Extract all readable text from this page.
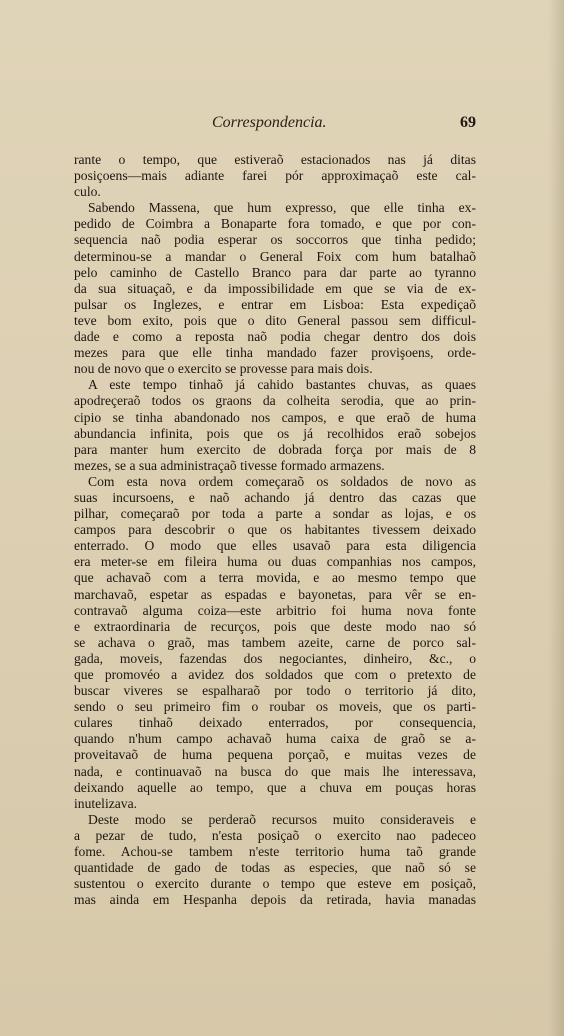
Correspondencia.	69
rante o tempo, que estiveraõ estacionados nas já ditas
posiçoens—mais adiante farei pór approximaçaõ este cal-
culo.
Sabendo Massena, que hum expresso, que elle tinha ex-
pedido de Coimbra a Bonaparte fora tomado, e que por con-
sequencia naõ podia esperar os soccorros que tinha pedido;
determinou-se a mandar o General Foix com hum batalhaõ
pelo caminho de Castello Branco para dar parte ao tyranno
da sua situaçaõ, e da impossibilidade em que se via de ex-
pulsar os Inglezes, e entrar em Lisboa: Esta expediçaõ
teve bom exito, pois que o dito General passou sem difficul-
dade e como a reposta naõ podia chegar dentro dos dois
mezes para que elle tinha mandado fazer provişoens, orde-
nou de novo que o exercito se provesse para mais dois.
A este tempo tinhaõ já cahido bastantes chuvas, as quaes
apodreçeraõ todos os graons da colheita serodia, que ao prin-
cipio se tinha abandonado nos campos, e que eraõ de huma
abundancia infinita, pois que os já recolhidos eraõ sobejos
para manter hum exercito de dobrada força por mais de 8
mezes, se a sua administraçaõ tivesse formado armazens.
Com esta nova ordem começaraõ os soldados de novo as
suas incursoens, e naõ achando já dentro das cazas que
pilhar, começaraõ por toda a parte a sondar as lojas, e os
campos para descobrir o que os habitantes tivessem deixado
enterrado. O modo que elles usavaõ para esta diligencia
era meter-se em fileira huma ou duas companhias nos campos,
que achavaõ com a terra movida, e ao mesmo tempo que
marchavaõ, espetar as espadas e bayonetas, para vêr se en-
contravaõ alguma coiza—este arbitrio foi huma nova fonte
e extraordinaria de recurços, pois que deste modo nao só
se achava o graõ, mas tambem azeite, carne de porco sal-
gada, moveis, fazendas dos negociantes, dinheiro, &c., o
que promovéo a avidez dos soldados que com o pretexto de
buscar viveres se espalharaõ por todo o territorio já dito,
sendo o seu primeiro fim o roubar os moveis, que os parti-
culares tinhaõ deixado enterrados, por consequencia,
quando n'hum campo achavaõ huma caixa de graõ se a-
proveitavaõ de huma pequena porçaõ, e muitas vezes de
nada, e continuavaõ na busca do que mais lhe interessava,
deixando aquelle ao tempo, que a chuva em pouças horas
inutelizava.
Deste modo se perderaõ recursos muito consideraveis e
a pezar de tudo, n'esta posiçaõ o exercito nao padeceo
fome. Achou-se tambem n'este territorio huma taõ grande
quantidade de gado de todas as especies, que naõ só se
sustentou o exercito durante o tempo que esteve em posiçaõ,
mas ainda em Hespanha depois da retirada, havia manadas
